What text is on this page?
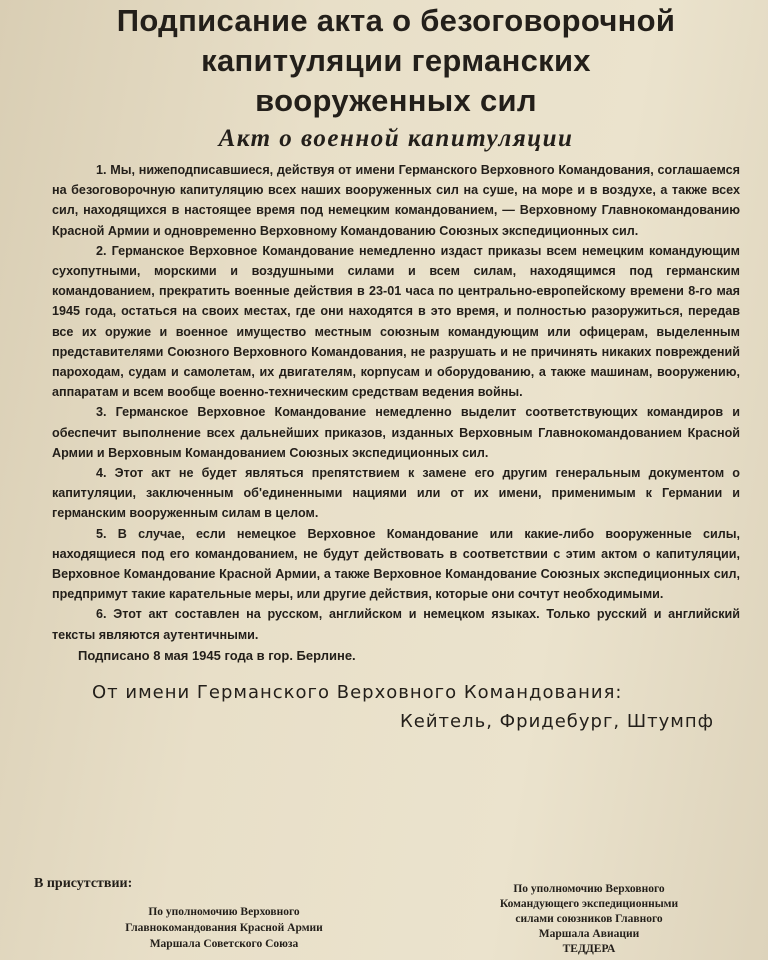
Подписание акта о безоговорочной

капитуляции германских

вооруженных сил

Акт о военной капитуляции

1. Мы, нижеподписавшиеся, действуя от имени Германского Верховного Командования, соглашаемся на безоговорочную капитуляцию всех наших вооруженных сил на суше, на море и в воздухе, а также всех сил, находящихся в настоящее время под немецким командованием, — Верховному Главнокомандованию Красной Армии и одновременно Верховному Командованию Союзных экспедиционных сил.

2. Германское Верховное Командование немедленно издаст приказы всем немецким командующим сухопутными, морскими и воздушными силами и всем силам, находящимся под германским командованием, прекратить военные действия в 23-01 часа по центрально-европейскому времени 8-го мая 1945 года, остаться на своих местах, где они находятся в это время, и полностью разоружиться, передав все их оружие и военное имущество местным союзным командующим или офицерам, выделенным представителями Союзного Верховного Командования, не разрушать и не причинять никаких повреждений пароходам, судам и самолетам, их двигателям, корпусам и оборудованию, а также машинам, вооружению, аппаратам и всем вообще военно-техническим средствам ведения войны.

3. Германское Верховное Командование немедленно выделит соответствующих командиров и обеспечит выполнение всех дальнейших приказов, изданных Верховным Главнокомандованием Красной Армии и Верховным Командованием Союзных экспедиционных сил.

4. Этот акт не будет являться препятствием к замене его другим генеральным документом о капитуляции, заключенным об'единенными нациями или от их имени, применимым к Германии и германским вооруженным силам в целом.

5. В случае, если немецкое Верховное Командование или какие-либо вооруженные силы, находящиеся под его командованием, не будут действовать в соответствии с этим актом о капитуляции, Верховное Командование Красной Армии, а также Верховное Командование Союзных экспедиционных сил, предпримут такие карательные меры, или другие действия, которые они сочтут необходимыми.

6. Этот акт составлен на русском, английском и немецком языках. Только русский и английский тексты являются аутентичными.

Подписано 8 мая 1945 года в гор. Берлине.

От имени Германского Верховного Командования:

Кейтель, Фридебург, Штумпф

В присутствии:

По уполномочию Верховного
Главнокомандования Красной Армии
Маршала Советского Союза
По уполномочию Верховного
Командующего экспедиционными
силами союзников Главного
Маршала Авиации
ТЕДДЕРА
